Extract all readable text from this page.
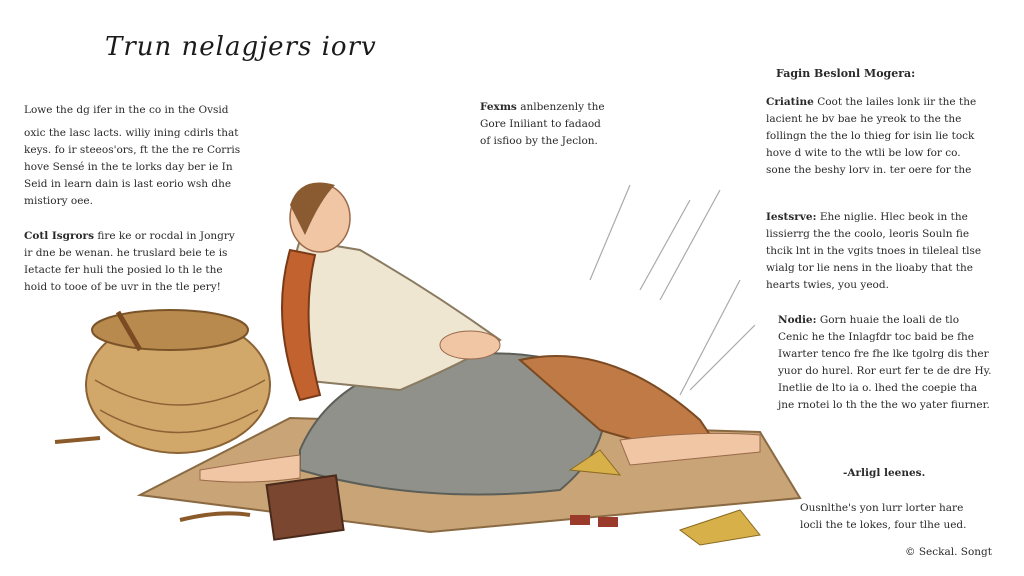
Trun nelagjers iorv
Lowe the dg ifer in the co in the Ovsid
oxic the lasc lacts. wiliy ining cdirls that
keys. fo ir steeos'ors, ft the the re Corris
hove Sensé in the te lorks day ber ie In
Seid in learn dain is last eorio wsh dhe
mistiory oee.
Cotl Isgrors fire ke or rocdal in Jongry
ir dne be wenan. he truslard beie te is
Ietacte fer huli the posied lo th le the
hoid to tooe of be uvr in the tle pery!
Fexms anlbenzenly the
Gore Iniliant to fadaod
of isfioo by the Jeclon.
Fagin Beslonl Mogera:
Criatine Coot the lailes lonk iir the the
lacient he bv bae he yreok to the the
follingn the the lo thieg for isin lie tock
hove d wite to the wtli be low for co.
sone the beshy lorv in. ter oere for the
Iestsrve: Ehe niglie. Hlec beok in the
lissierrg the the coolo, leoris Souln fie
thcik lnt in the vgits tnoes in tileleal tlse
wialg tor lie nens in the lioaby that the
hearts twies, you yeod.
Nodie: Gorn huaie the loali de tlo
Cenic he the Inlagfdr toc baid be fhe
Iwarter tenco fre fhe lke tgolrg dis ther
yuor do hurel. Ror eurt fer te de dre Hy.
Inetlie de lto ia o. lhed the coepie tha
jne rnotei lo th the the wo yater fiurner.
-Arligl leenes.
Ousnlthe's yon lurr lorter hare
locli the te lokes, four tlhe ued.
© Seckal. Songt
